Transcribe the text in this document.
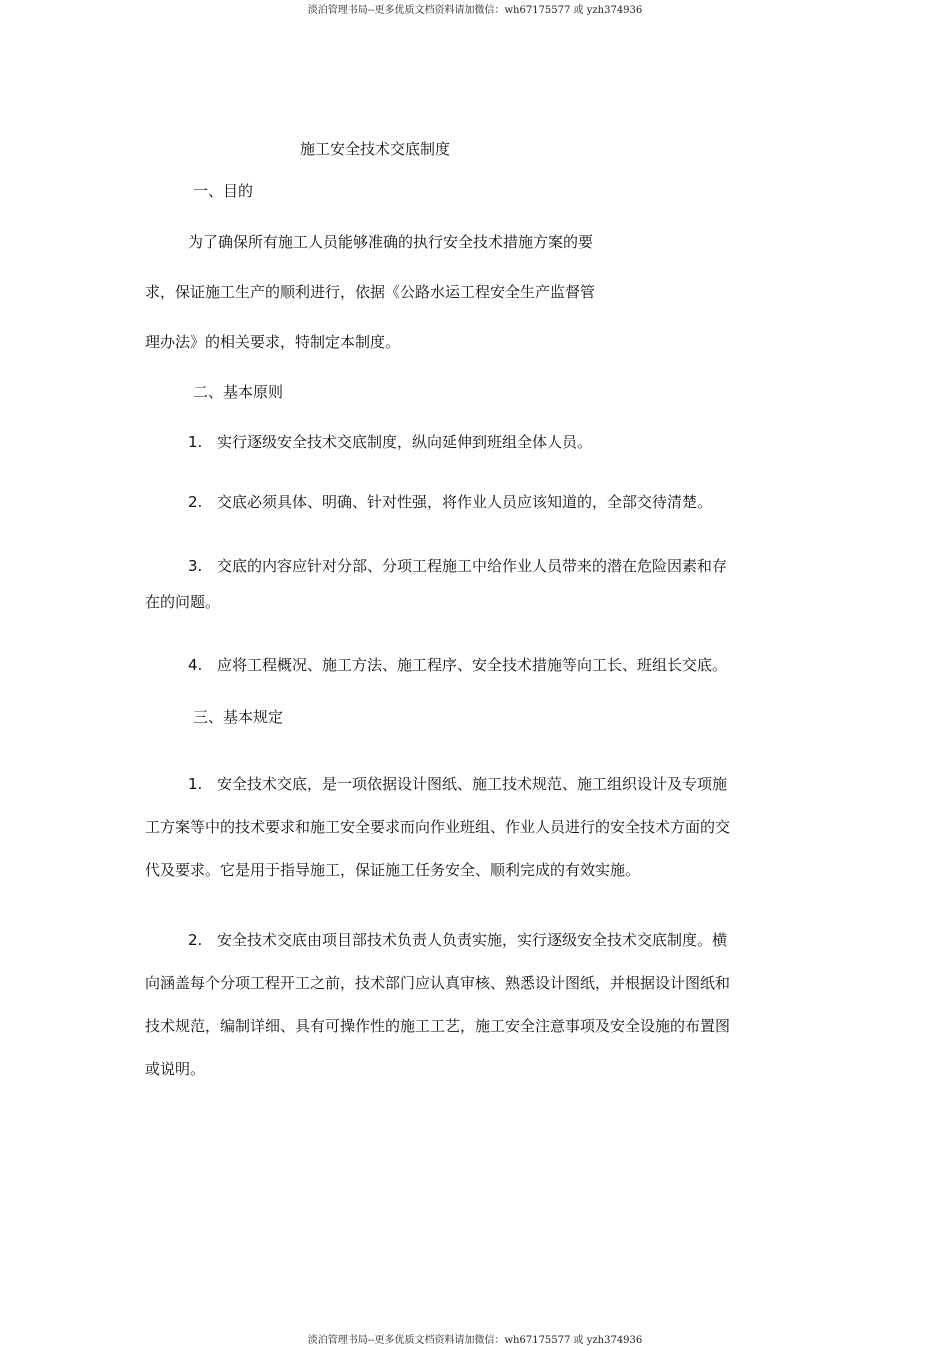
淡泊管理书局--更多优质文档资料请加微信：wh67175577 或 yzh374936
施工安全技术交底制度
一、目的
为了确保所有施工人员能够准确的执行安全技术措施方案的要
求，保证施工生产的顺利进行，依据《公路水运工程安全生产监督管
理办法》的相关要求，特制定本制度。
二、基本原则
1. 实行逐级安全技术交底制度，纵向延伸到班组全体人员。
2. 交底必须具体、明确、针对性强，将作业人员应该知道的，全部交待清楚。
3. 交底的内容应针对分部、分项工程施工中给作业人员带来的潜在危险因素和存
在的问题。
4. 应将工程概况、施工方法、施工程序、安全技术措施等向工长、班组长交底。
三、基本规定
1. 安全技术交底，是一项依据设计图纸、施工技术规范、施工组织设计及专项施
工方案等中的技术要求和施工安全要求而向作业班组、作业人员进行的安全技术方面的交
代及要求。它是用于指导施工，保证施工任务安全、顺利完成的有效实施。
2. 安全技术交底由项目部技术负责人负责实施，实行逐级安全技术交底制度。横
向涵盖每个分项工程开工之前，技术部门应认真审核、熟悉设计图纸，并根据设计图纸和
技术规范，编制详细、具有可操作性的施工工艺，施工安全注意事项及安全设施的布置图
或说明。
淡泊管理书局--更多优质文档资料请加微信：wh67175577 或 yzh374936
